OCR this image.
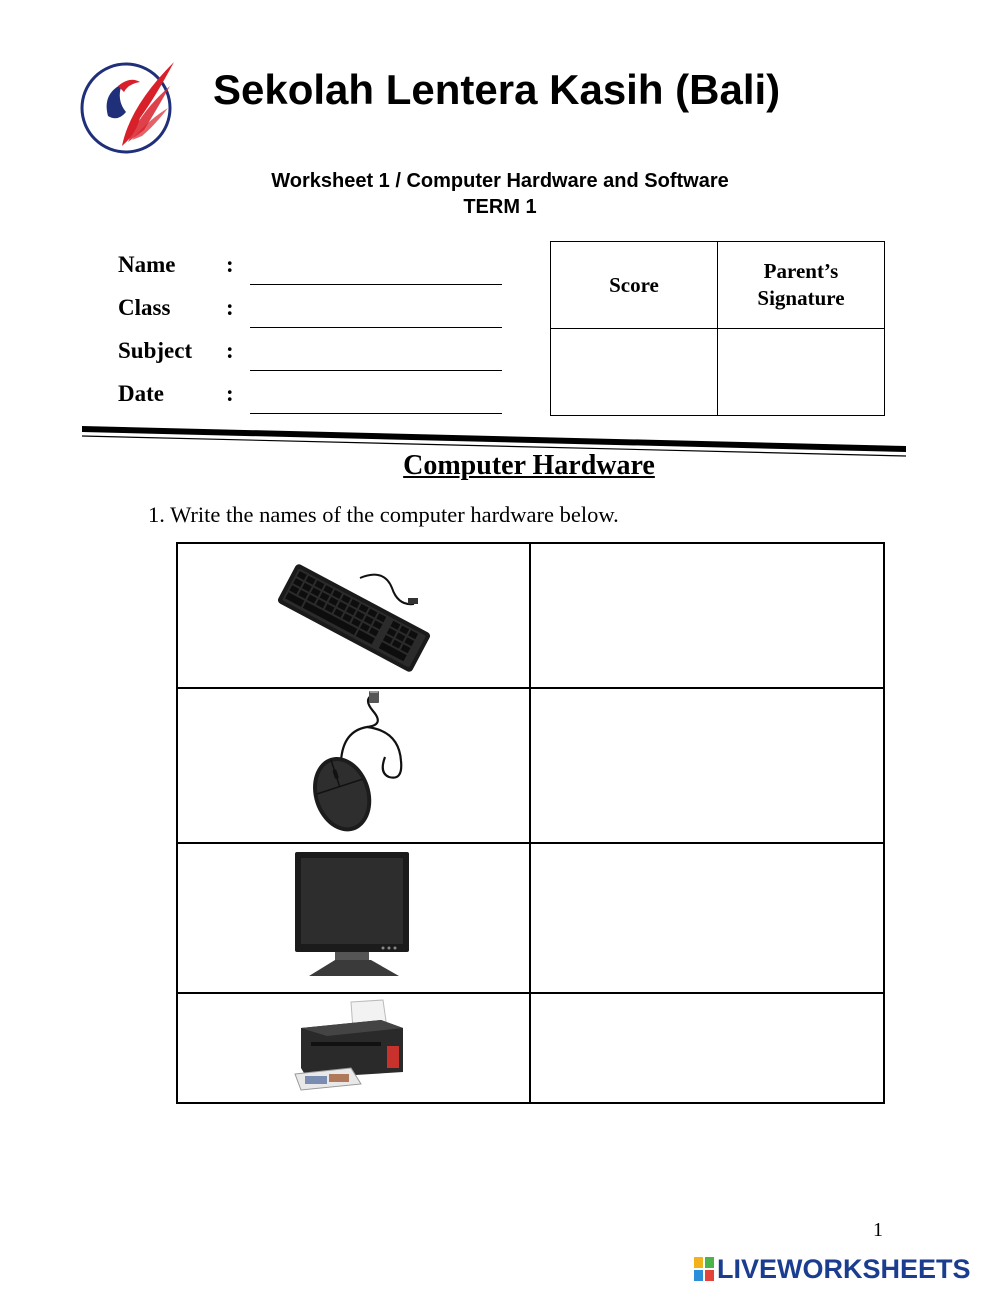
Sekolah Lentera Kasih (Bali)
Worksheet 1 / Computer Hardware and Software
TERM 1
Name :
Class :
Subject :
Date	:
Score	Parent’s
Signature

Computer Hardware
1. Write the names of the computer hardware below.

1
LIVEWORKSHEETS
